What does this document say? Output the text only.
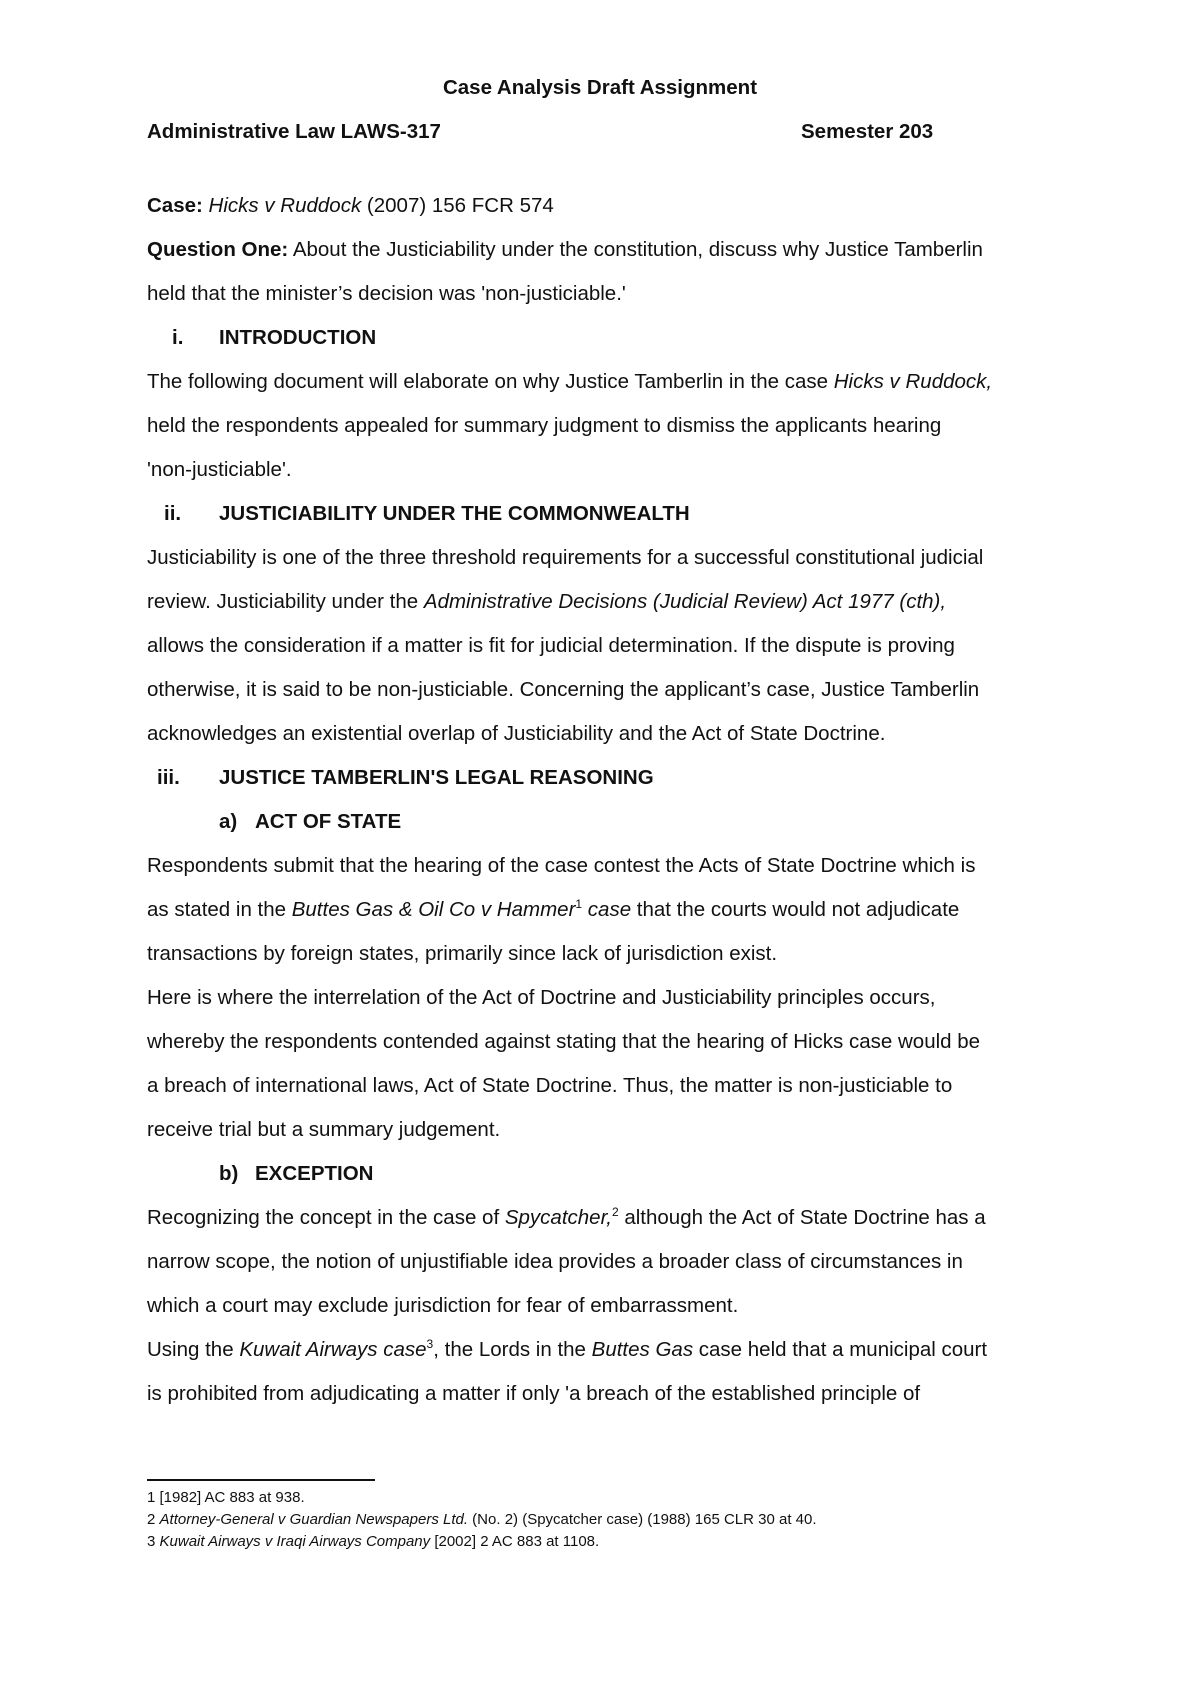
Case Analysis Draft Assignment
Administrative Law LAWS-317	Semester 203
Case: Hicks v Ruddock (2007) 156 FCR 574
Question One: About the Justiciability under the constitution, discuss why Justice Tamberlin
held that the minister’s decision was 'non-justiciable.'
i. INTRODUCTION
The following document will elaborate on why Justice Tamberlin in the case Hicks v Ruddock,
held the respondents appealed for summary judgment to dismiss the applicants hearing
'non-justiciable'.
ii. JUSTICIABILITY UNDER THE COMMONWEALTH
Justiciability is one of the three threshold requirements for a successful constitutional judicial
review. Justiciability under the Administrative Decisions (Judicial Review) Act 1977 (cth),
allows the consideration if a matter is fit for judicial determination. If the dispute is proving
otherwise, it is said to be non-justiciable. Concerning the applicant’s case, Justice Tamberlin
acknowledges an existential overlap of Justiciability and the Act of State Doctrine.
iii. JUSTICE TAMBERLIN'S LEGAL REASONING
a) ACT OF STATE
Respondents submit that the hearing of the case contest the Acts of State Doctrine which is
as stated in the Buttes Gas & Oil Co v Hammer$^1$ case that the courts would not adjudicate
transactions by foreign states, primarily since lack of jurisdiction exist.
Here is where the interrelation of the Act of Doctrine and Justiciability principles occurs,
whereby the respondents contended against stating that the hearing of Hicks case would be
a breach of international laws, Act of State Doctrine. Thus, the matter is non-justiciable to
receive trial but a summary judgement.
b) EXCEPTION
Recognizing the concept in the case of Spycatcher,$^2$ although the Act of State Doctrine has a
narrow scope, the notion of unjustifiable idea provides a broader class of circumstances in
which a court may exclude jurisdiction for fear of embarrassment.
Using the Kuwait Airways case$^3$, the Lords in the Buttes Gas case held that a municipal court
is prohibited from adjudicating a matter if only 'a breach of the established principle of
1 [1982] AC 883 at 938.
2 Attorney-General v Guardian Newspapers Ltd. (No. 2) (Spycatcher case) (1988) 165 CLR 30 at 40.
3 Kuwait Airways v Iraqi Airways Company [2002] 2 AC 883 at 1108.
